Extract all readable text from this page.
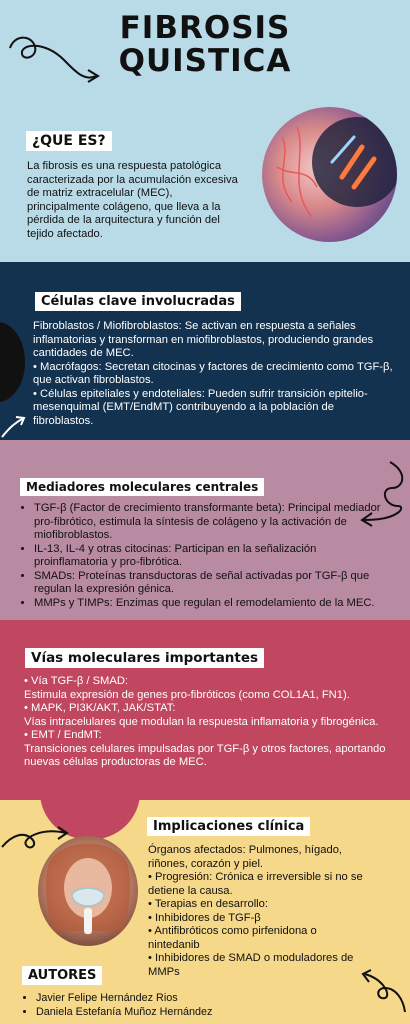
FIBROSIS
QUISTICA
¿QUE ES?
La fibrosis es una respuesta patológica caracterizada por la acumulación excesiva de matriz extracelular (MEC), principalmente colágeno, que lleva a la pérdida de la arquitectura y función del tejido afectado.
Células clave involucradas

Fibroblastos / Miofibroblastos: Se activan en respuesta a señales inflamatorias y transforman en miofibroblastos, produciendo grandes cantidades de MEC.

• Macrófagos: Secretan citocinas y factores de crecimiento como TGF-β, que activan fibroblastos.

• Células epiteliales y endoteliales: Pueden sufrir transición epitelio-mesenquimal (EMT/EndMT) contribuyendo a la población de fibroblastos.

Mediadores moleculares centrales
• TGF-β (Factor de crecimiento transformante beta): Principal mediador pro-fibrótico, estimula la síntesis de colágeno y la activación de miofibroblastos.
• IL-13, IL-4 y otras citocinas: Participan en la señalización proinflamatoria y pro-fibrótica.
• SMADs: Proteínas transductoras de señal activadas por TGF-β que regulan la expresión génica.
• MMPs y TIMPs: Enzimas que regulan el remodelamiento de la MEC.
Vías moleculares importantes

• Vía TGF-β / SMAD:

Estimula expresión de genes pro-fibróticos (como COL1A1, FN1).

• MAPK, PI3K/AKT, JAK/STAT:

Vías intracelulares que modulan la respuesta inflamatoria y fibrogénica.

• EMT / EndMT:

Transiciones celulares impulsadas por TGF-β y otros factores, aportando nuevas células productoras de MEC.

Implicaciones clínica

Órganos afectados: Pulmones, hígado, riñones, corazón y piel.

• Progresión: Crónica e irreversible si no se detiene la causa.

• Terapias en desarrollo:

• Inhibidores de TGF-β

• Antifibróticos como pirfenidona o nintedanib

• Inhibidores de SMAD o moduladores de MMPs

AUTORES
• Javier Felipe Hernández Rios
• Daniela Estefanía Muñoz Hernández
